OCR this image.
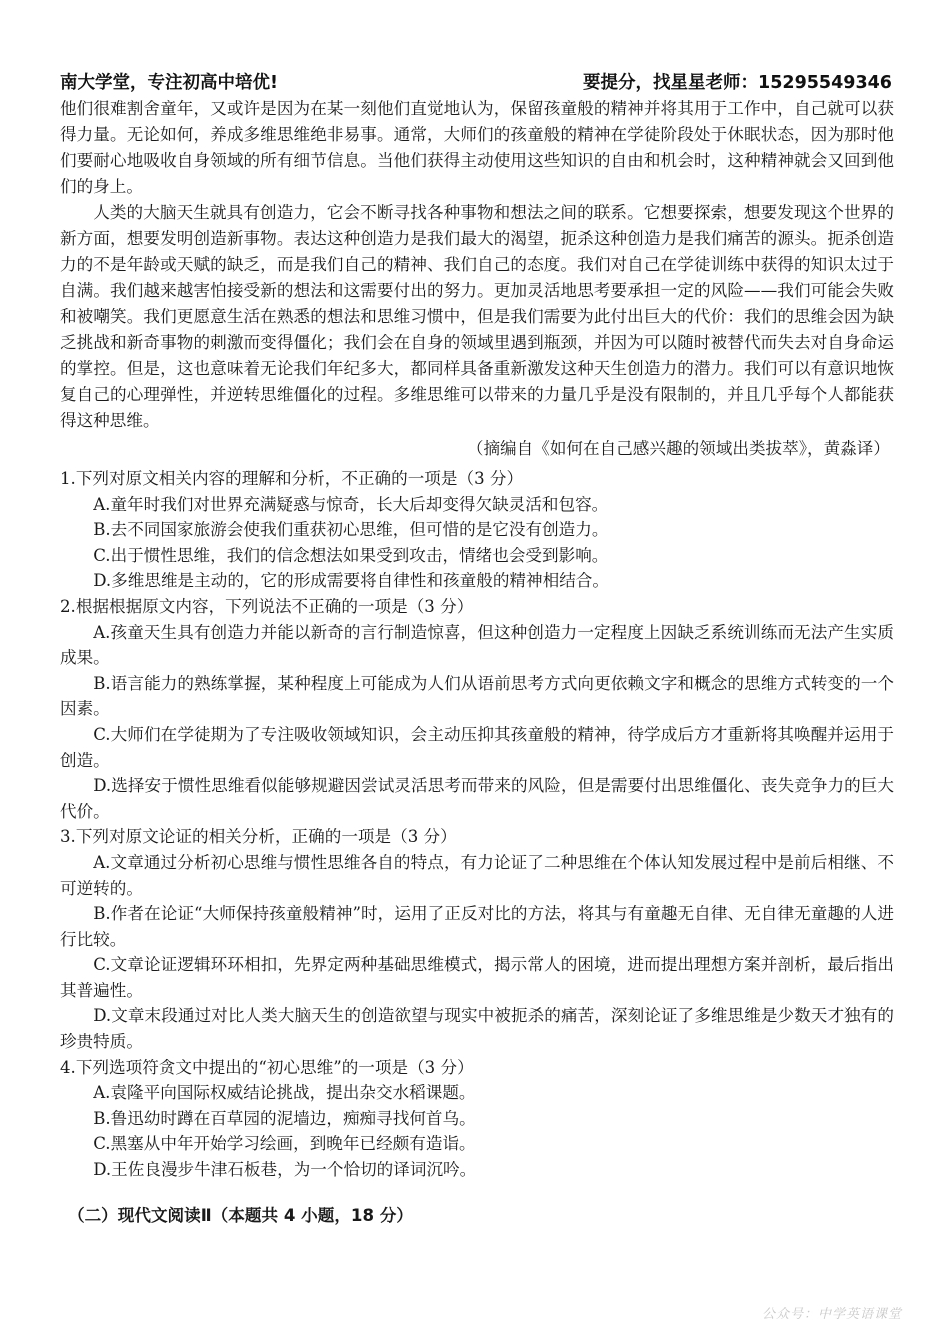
南大学堂，专注初高中培优!	要提分，找星星老师：15295549346

他们很难割舍童年，又或许是因为在某一刻他们直觉地认为，保留孩童般的精神并将其用于工作中，自己就可以获得力量。无论如何，养成多维思维绝非易事。通常，大师们的孩童般的精神在学徒阶段处于休眠状态，因为那时他们要耐心地吸收自身领域的所有细节信息。当他们获得主动使用这些知识的自由和机会时，这种精神就会又回到他们的身上。

人类的大脑天生就具有创造力，它会不断寻找各种事物和想法之间的联系。它想要探索，想要发现这个世界的新方面，想要发明创造新事物。表达这种创造力是我们最大的渴望，扼杀这种创造力是我们痛苦的源头。扼杀创造力的不是年龄或天赋的缺乏，而是我们自己的精神、我们自己的态度。我们对自己在学徒训练中获得的知识太过于自满。我们越来越害怕接受新的想法和这需要付出的努力。更加灵活地思考要承担一定的风险——我们可能会失败和被嘲笑。我们更愿意生活在熟悉的想法和思维习惯中，但是我们需要为此付出巨大的代价：我们的思维会因为缺乏挑战和新奇事物的刺激而变得僵化；我们会在自身的领域里遇到瓶颈，并因为可以随时被替代而失去对自身命运的掌控。但是，这也意味着无论我们年纪多大，都同样具备重新激发这种天生创造力的潜力。我们可以有意识地恢复自己的心理弹性，并逆转思维僵化的过程。多维思维可以带来的力量几乎是没有限制的，并且几乎每个人都能获得这种思维。

（摘编自《如何在自己感兴趣的领域出类拔萃》，黄淼译）
1.下列对原文相关内容的理解和分析，不正确的一项是（3 分）
A.童年时我们对世界充满疑惑与惊奇，长大后却变得欠缺灵活和包容。
B.去不同国家旅游会使我们重获初心思维，但可惜的是它没有创造力。
C.出于惯性思维，我们的信念想法如果受到攻击，情绪也会受到影响。
D.多维思维是主动的，它的形成需要将自律性和孩童般的精神相结合。
2.根据根据原文内容，下列说法不正确的一项是（3 分）
A.孩童天生具有创造力并能以新奇的言行制造惊喜，但这种创造力一定程度上因缺乏系统训练而无法产生实质成果。
B.语言能力的熟练掌握，某种程度上可能成为人们从语前思考方式向更依赖文字和概念的思维方式转变的一个因素。
C.大师们在学徒期为了专注吸收领域知识，会主动压抑其孩童般的精神，待学成后方才重新将其唤醒并运用于创造。
D.选择安于惯性思维看似能够规避因尝试灵活思考而带来的风险，但是需要付出思维僵化、丧失竞争力的巨大代价。
3.下列对原文论证的相关分析，正确的一项是（3 分）
A.文章通过分析初心思维与惯性思维各自的特点，有力论证了二种思维在个体认知发展过程中是前后相继、不可逆转的。
B.作者在论证“大师保持孩童般精神”时，运用了正反对比的方法，将其与有童趣无自律、无自律无童趣的人进行比较。
C.文章论证逻辑环环相扣，先界定两种基础思维模式，揭示常人的困境，进而提出理想方案并剖析，最后指出其普遍性。
D.文章末段通过对比人类大脑天生的创造欲望与现实中被扼杀的痛苦，深刻论证了多维思维是少数天才独有的珍贵特质。
4.下列选项符贪文中提出的“初心思维”的一项是（3 分）
A.袁隆平向国际权威结论挑战，提出杂交水稻课题。
B.鲁迅幼时蹲在百草园的泥墙边，痴痴寻找何首乌。
C.黑塞从中年开始学习绘画，到晚年已经颇有造诣。
D.王佐良漫步牛津石板巷，为一个恰切的译词沉吟。
（二）现代文阅读Ⅱ（本题共 4 小题，18 分）
公众号：中学英语课堂
